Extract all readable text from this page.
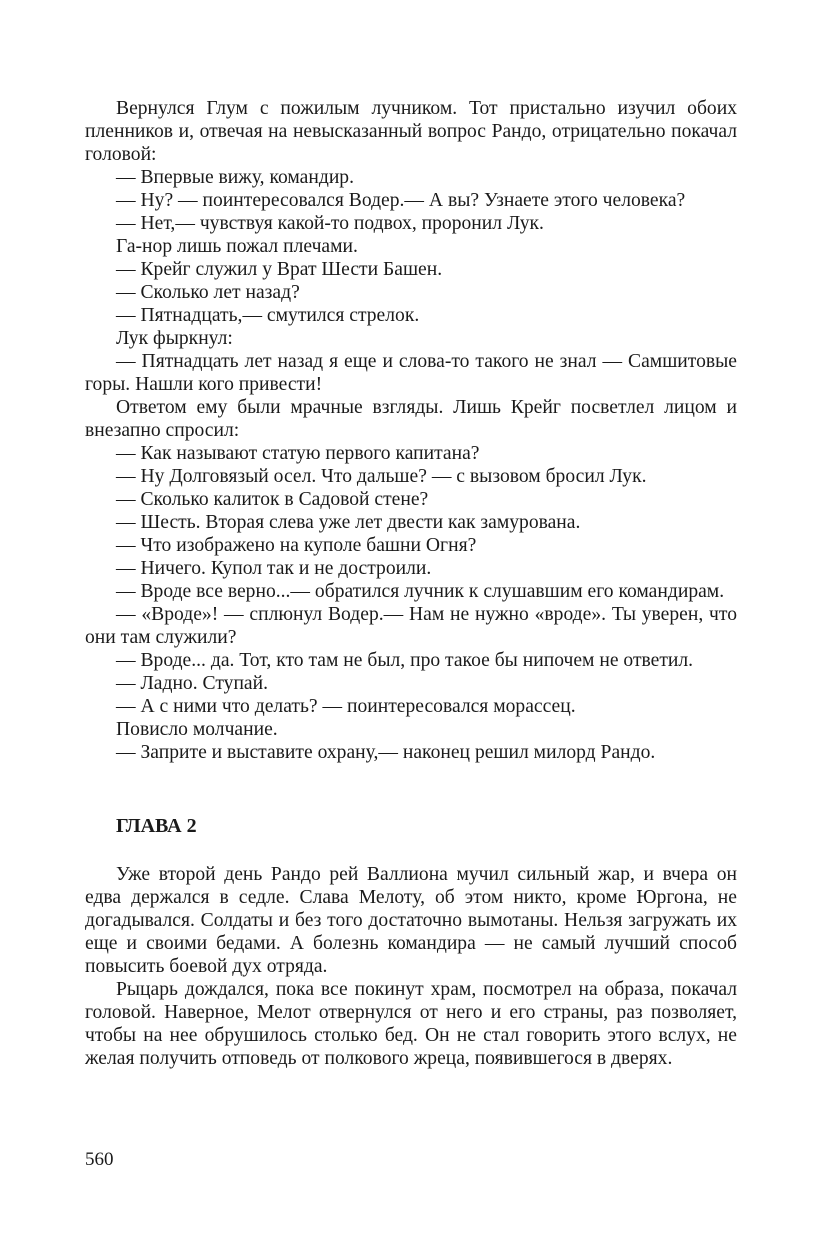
Вернулся Глум с пожилым лучником. Тот пристально изучил обоих пленников и, отвечая на невысказанный вопрос Рандо, отрицательно покачал головой:

— Впервые вижу, командир.

— Ну? — поинтересовался Водер.— А вы? Узнаете этого человека?

— Нет,— чувствуя какой-то подвох, проронил Лук.

Га-нор лишь пожал плечами.

— Крейг служил у Врат Шести Башен.

— Сколько лет назад?

— Пятнадцать,— смутился стрелок.

Лук фыркнул:

— Пятнадцать лет назад я еще и слова-то такого не знал — Самшитовые горы. Нашли кого привести!

Ответом ему были мрачные взгляды. Лишь Крейг посветлел лицом и внезапно спросил:

— Как называют статую первого капитана?

— Ну Долговязый осел. Что дальше? — с вызовом бросил Лук.

— Сколько калиток в Садовой стене?

— Шесть. Вторая слева уже лет двести как замурована.

— Что изображено на куполе башни Огня?

— Ничего. Купол так и не достроили.

— Вроде все верно...— обратился лучник к слушавшим его командирам.

— «Вроде»! — сплюнул Водер.— Нам не нужно «вроде». Ты уверен, что они там служили?

— Вроде... да. Тот, кто там не был, про такое бы нипочем не ответил.

— Ладно. Ступай.

— А с ними что делать? — поинтересовался морассец.

Повисло молчание.

— Заприте и выставите охрану,— наконец решил милорд Рандо.

ГЛАВА 2

Уже второй день Рандо рей Валлиона мучил сильный жар, и вчера он едва держался в седле. Слава Мелоту, об этом никто, кроме Юргона, не догадывался. Солдаты и без того достаточно вымотаны. Нельзя загружать их еще и своими бедами. А болезнь командира — не самый лучший способ повысить боевой дух отряда.

Рыцарь дождался, пока все покинут храм, посмотрел на образа, покачал головой. Наверное, Мелот отвернулся от него и его страны, раз позволяет, чтобы на нее обрушилось столько бед. Он не стал говорить этого вслух, не желая получить отповедь от полкового жреца, появившегося в дверях.

560
